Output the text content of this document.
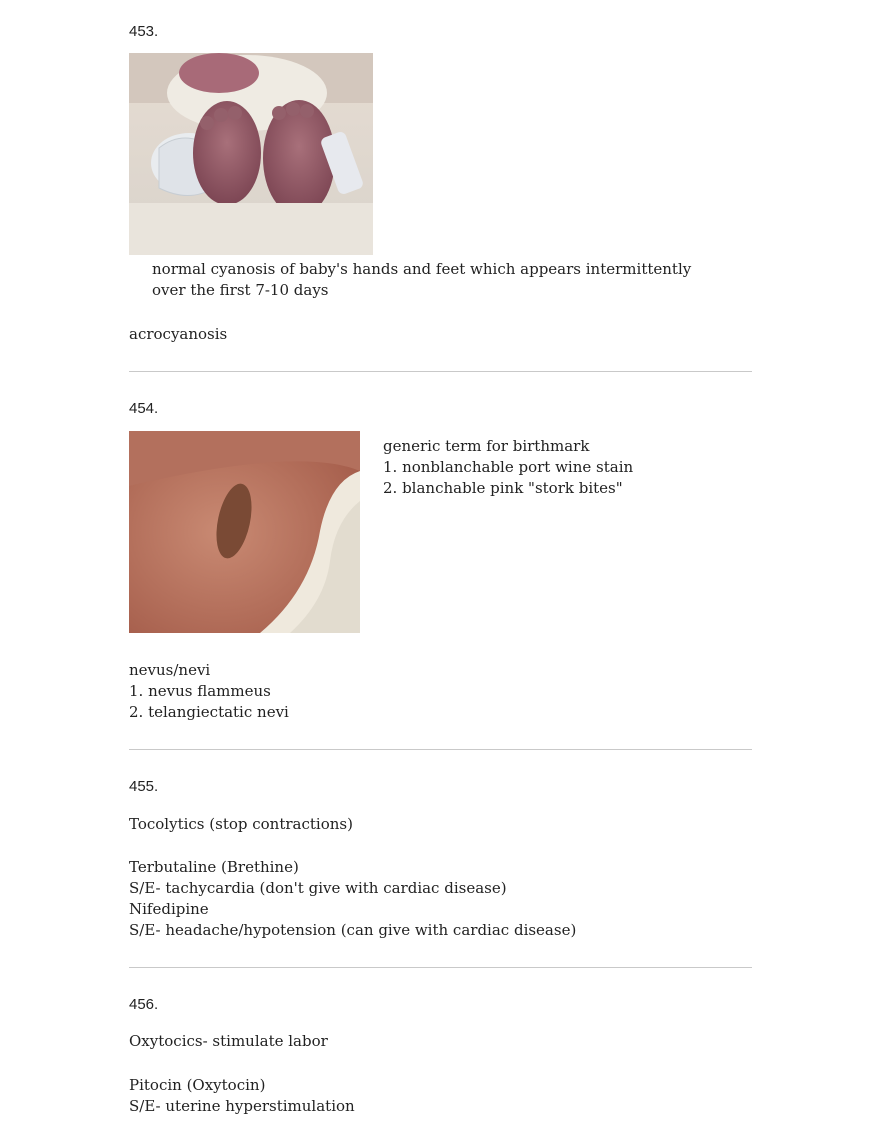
453.
normal cyanosis of baby's hands and feet which appears intermittently
over the first 7-10 days
acrocyanosis
454.
generic term for birthmark
1. nonblanchable port wine stain
2. blanchable pink "stork bites"
nevus/nevi
1. nevus flammeus
2. telangiectatic nevi
455.
Tocolytics (stop contractions)
Terbutaline (Brethine)
S/E- tachycardia (don't give with cardiac disease)
Nifedipine
S/E- headache/hypotension (can give with cardiac disease)
456.
Oxytocics- stimulate labor
Pitocin (Oxytocin)
S/E- uterine hyperstimulation
